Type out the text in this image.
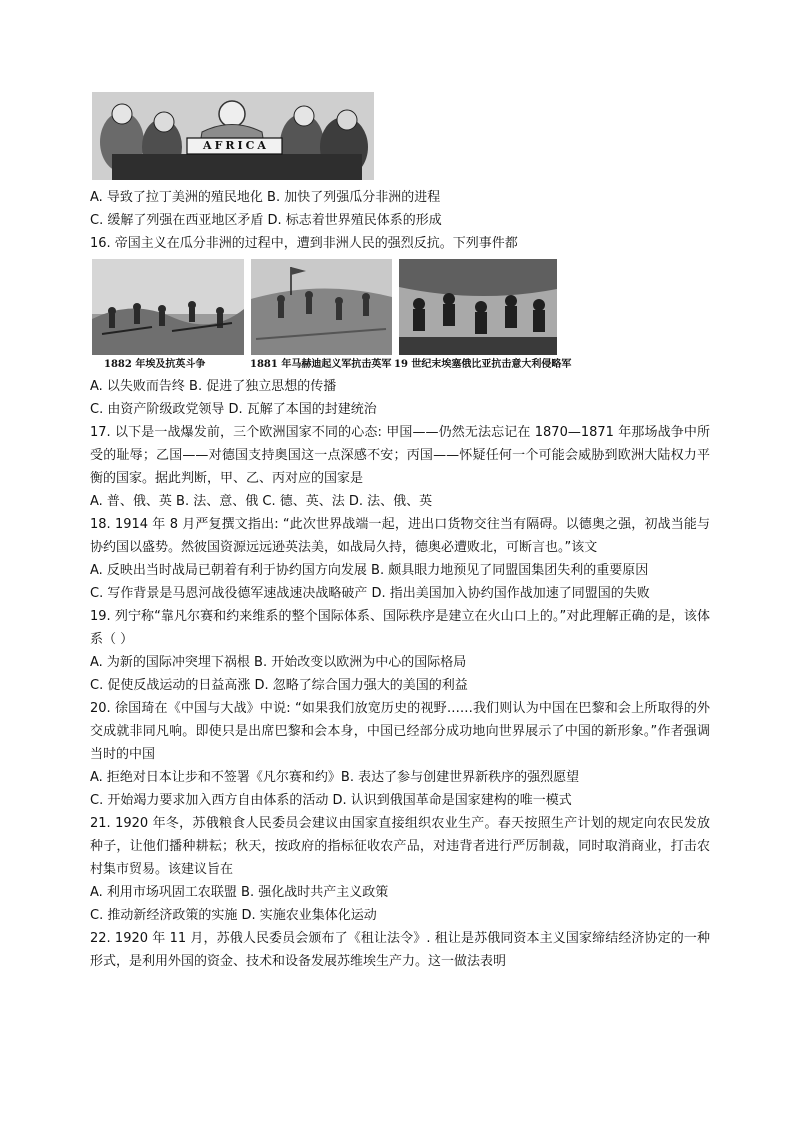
AFRICA
A. 导致了拉丁美洲的殖民地化 B. 加快了列强瓜分非洲的进程
C. 缓解了列强在西亚地区矛盾 D. 标志着世界殖民体系的形成
16. 帝国主义在瓜分非洲的过程中，遭到非洲人民的强烈反抗。下列事件都
1882 年埃及抗英斗争	1881 年马赫迪起义军抗击英军 19 世纪末埃塞俄比亚抗击意大利侵略军
A. 以失败而告终 B. 促进了独立思想的传播
C. 由资产阶级政党领导 D. 瓦解了本国的封建统治
17. 以下是一战爆发前，三个欧洲国家不同的心态: 甲国——仍然无法忘记在 1870—1871 年那场战争中所受的耻辱；乙国——对德国支持奥国这一点深感不安；丙国——怀疑任何一个可能会威胁到欧洲大陆权力平衡的国家。据此判断，甲、乙、丙对应的国家是
A. 普、俄、英 B. 法、意、俄 C. 德、英、法 D. 法、俄、英
18. 1914 年 8 月严复撰文指出: “此次世界战端一起，进出口货物交往当有隔碍。以德奥之强，初战当能与协约国以盛势。然彼国资源远远逊英法美，如战局久持，德奥必遭败北，可断言也。”该文
A. 反映出当时战局已朝着有利于协约国方向发展 B. 颇具眼力地预见了同盟国集团失利的重要原因
C. 写作背景是马恩河战役德军速战速决战略破产 D. 指出美国加入协约国作战加速了同盟国的失败
19. 列宁称“靠凡尔赛和约来维系的整个国际体系、国际秩序是建立在火山口上的。”对此理解正确的是，该体系（ ）
A. 为新的国际冲突埋下祸根 B. 开始改变以欧洲为中心的国际格局
C. 促使反战运动的日益高涨 D. 忽略了综合国力强大的美国的利益
20. 徐国琦在《中国与大战》中说: “如果我们放宽历史的视野……我们则认为中国在巴黎和会上所取得的外交成就非同凡响。即使只是出席巴黎和会本身，中国已经部分成功地向世界展示了中国的新形象。”作者强调当时的中国
A. 拒绝对日本让步和不签署《凡尔赛和约》B. 表达了参与创建世界新秩序的强烈愿望
C. 开始竭力要求加入西方自由体系的活动 D. 认识到俄国革命是国家建构的唯一模式
21. 1920 年冬，苏俄粮食人民委员会建议由国家直接组织农业生产。春天按照生产计划的规定向农民发放种子，让他们播种耕耘；秋天，按政府的指标征收农产品，对违背者进行严厉制裁，同时取消商业，打击农村集市贸易。该建议旨在
A. 利用市场巩固工农联盟 B. 强化战时共产主义政策
C. 推动新经济政策的实施 D. 实施农业集体化运动
22. 1920 年 11 月，苏俄人民委员会颁布了《租让法令》. 租让是苏俄同资本主义国家缔结经济协定的一种形式，是利用外国的资金、技术和设备发展苏维埃生产力。这一做法表明
